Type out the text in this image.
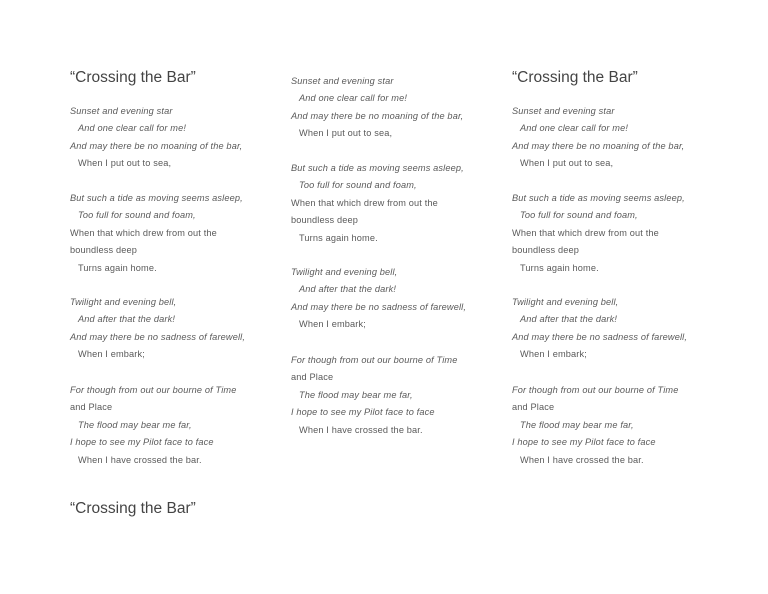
“Crossing the Bar”
Sunset and evening star
And one clear call for me!
And may there be no moaning of the bar,
When I put out to sea,
But such a tide as moving seems asleep,
Too full for sound and foam,
When that which drew from out the
boundless deep
Turns again home.
Twilight and evening bell,
And after that the dark!
And may there be no sadness of farewell,
When I embark;
For though from out our bourne of Time
and Place
The flood may bear me far,
I hope to see my Pilot face to face
When I have crossed the bar.
Sunset and evening star
And one clear call for me!
And may there be no moaning of the bar,
When I put out to sea,
But such a tide as moving seems asleep,
Too full for sound and foam,
When that which drew from out the
boundless deep
Turns again home.
Twilight and evening bell,
And after that the dark!
And may there be no sadness of farewell,
When I embark;
For though from out our bourne of Time
and Place
The flood may bear me far,
I hope to see my Pilot face to face
When I have crossed the bar.
“Crossing the Bar”
Sunset and evening star
And one clear call for me!
And may there be no moaning of the bar,
When I put out to sea,
But such a tide as moving seems asleep,
Too full for sound and foam,
When that which drew from out the
boundless deep
Turns again home.
Twilight and evening bell,
And after that the dark!
And may there be no sadness of farewell,
When I embark;
For though from out our bourne of Time
and Place
The flood may bear me far,
I hope to see my Pilot face to face
When I have crossed the bar.
“Crossing the Bar”
